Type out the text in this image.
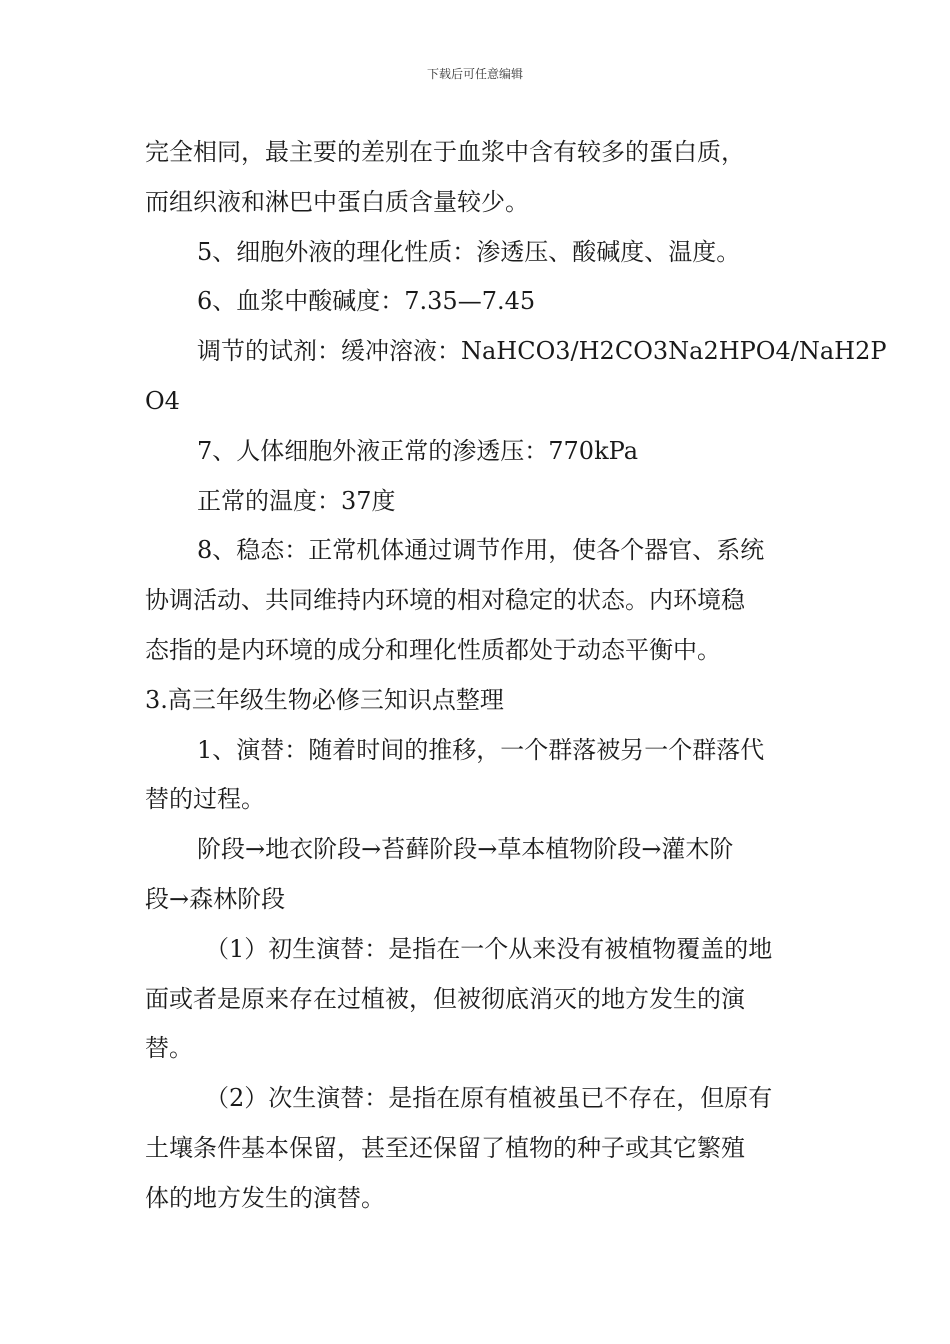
下载后可任意编辑
完全相同，最主要的差别在于血浆中含有较多的蛋白质，
而组织液和淋巴中蛋白质含量较少。
5、细胞外液的理化性质：渗透压、酸碱度、温度。
6、血浆中酸碱度：7.35—7.45
调节的试剂：缓冲溶液：NaHCO3/H2CO3Na2HPO4/NaH2P
O4
7、人体细胞外液正常的渗透压：770kPa
正常的温度：37度
8、稳态：正常机体通过调节作用，使各个器官、系统
协调活动、共同维持内环境的相对稳定的状态。内环境稳
态指的是内环境的成分和理化性质都处于动态平衡中。
3.高三年级生物必修三知识点整理
1、演替：随着时间的推移，一个群落被另一个群落代
替的过程。
阶段→地衣阶段→苔藓阶段→草本植物阶段→灌木阶
段→森林阶段
（1）初生演替：是指在一个从来没有被植物覆盖的地
面或者是原来存在过植被，但被彻底消灭的地方发生的演
替。
（2）次生演替：是指在原有植被虽已不存在，但原有
土壤条件基本保留，甚至还保留了植物的种子或其它繁殖
体的地方发生的演替。
